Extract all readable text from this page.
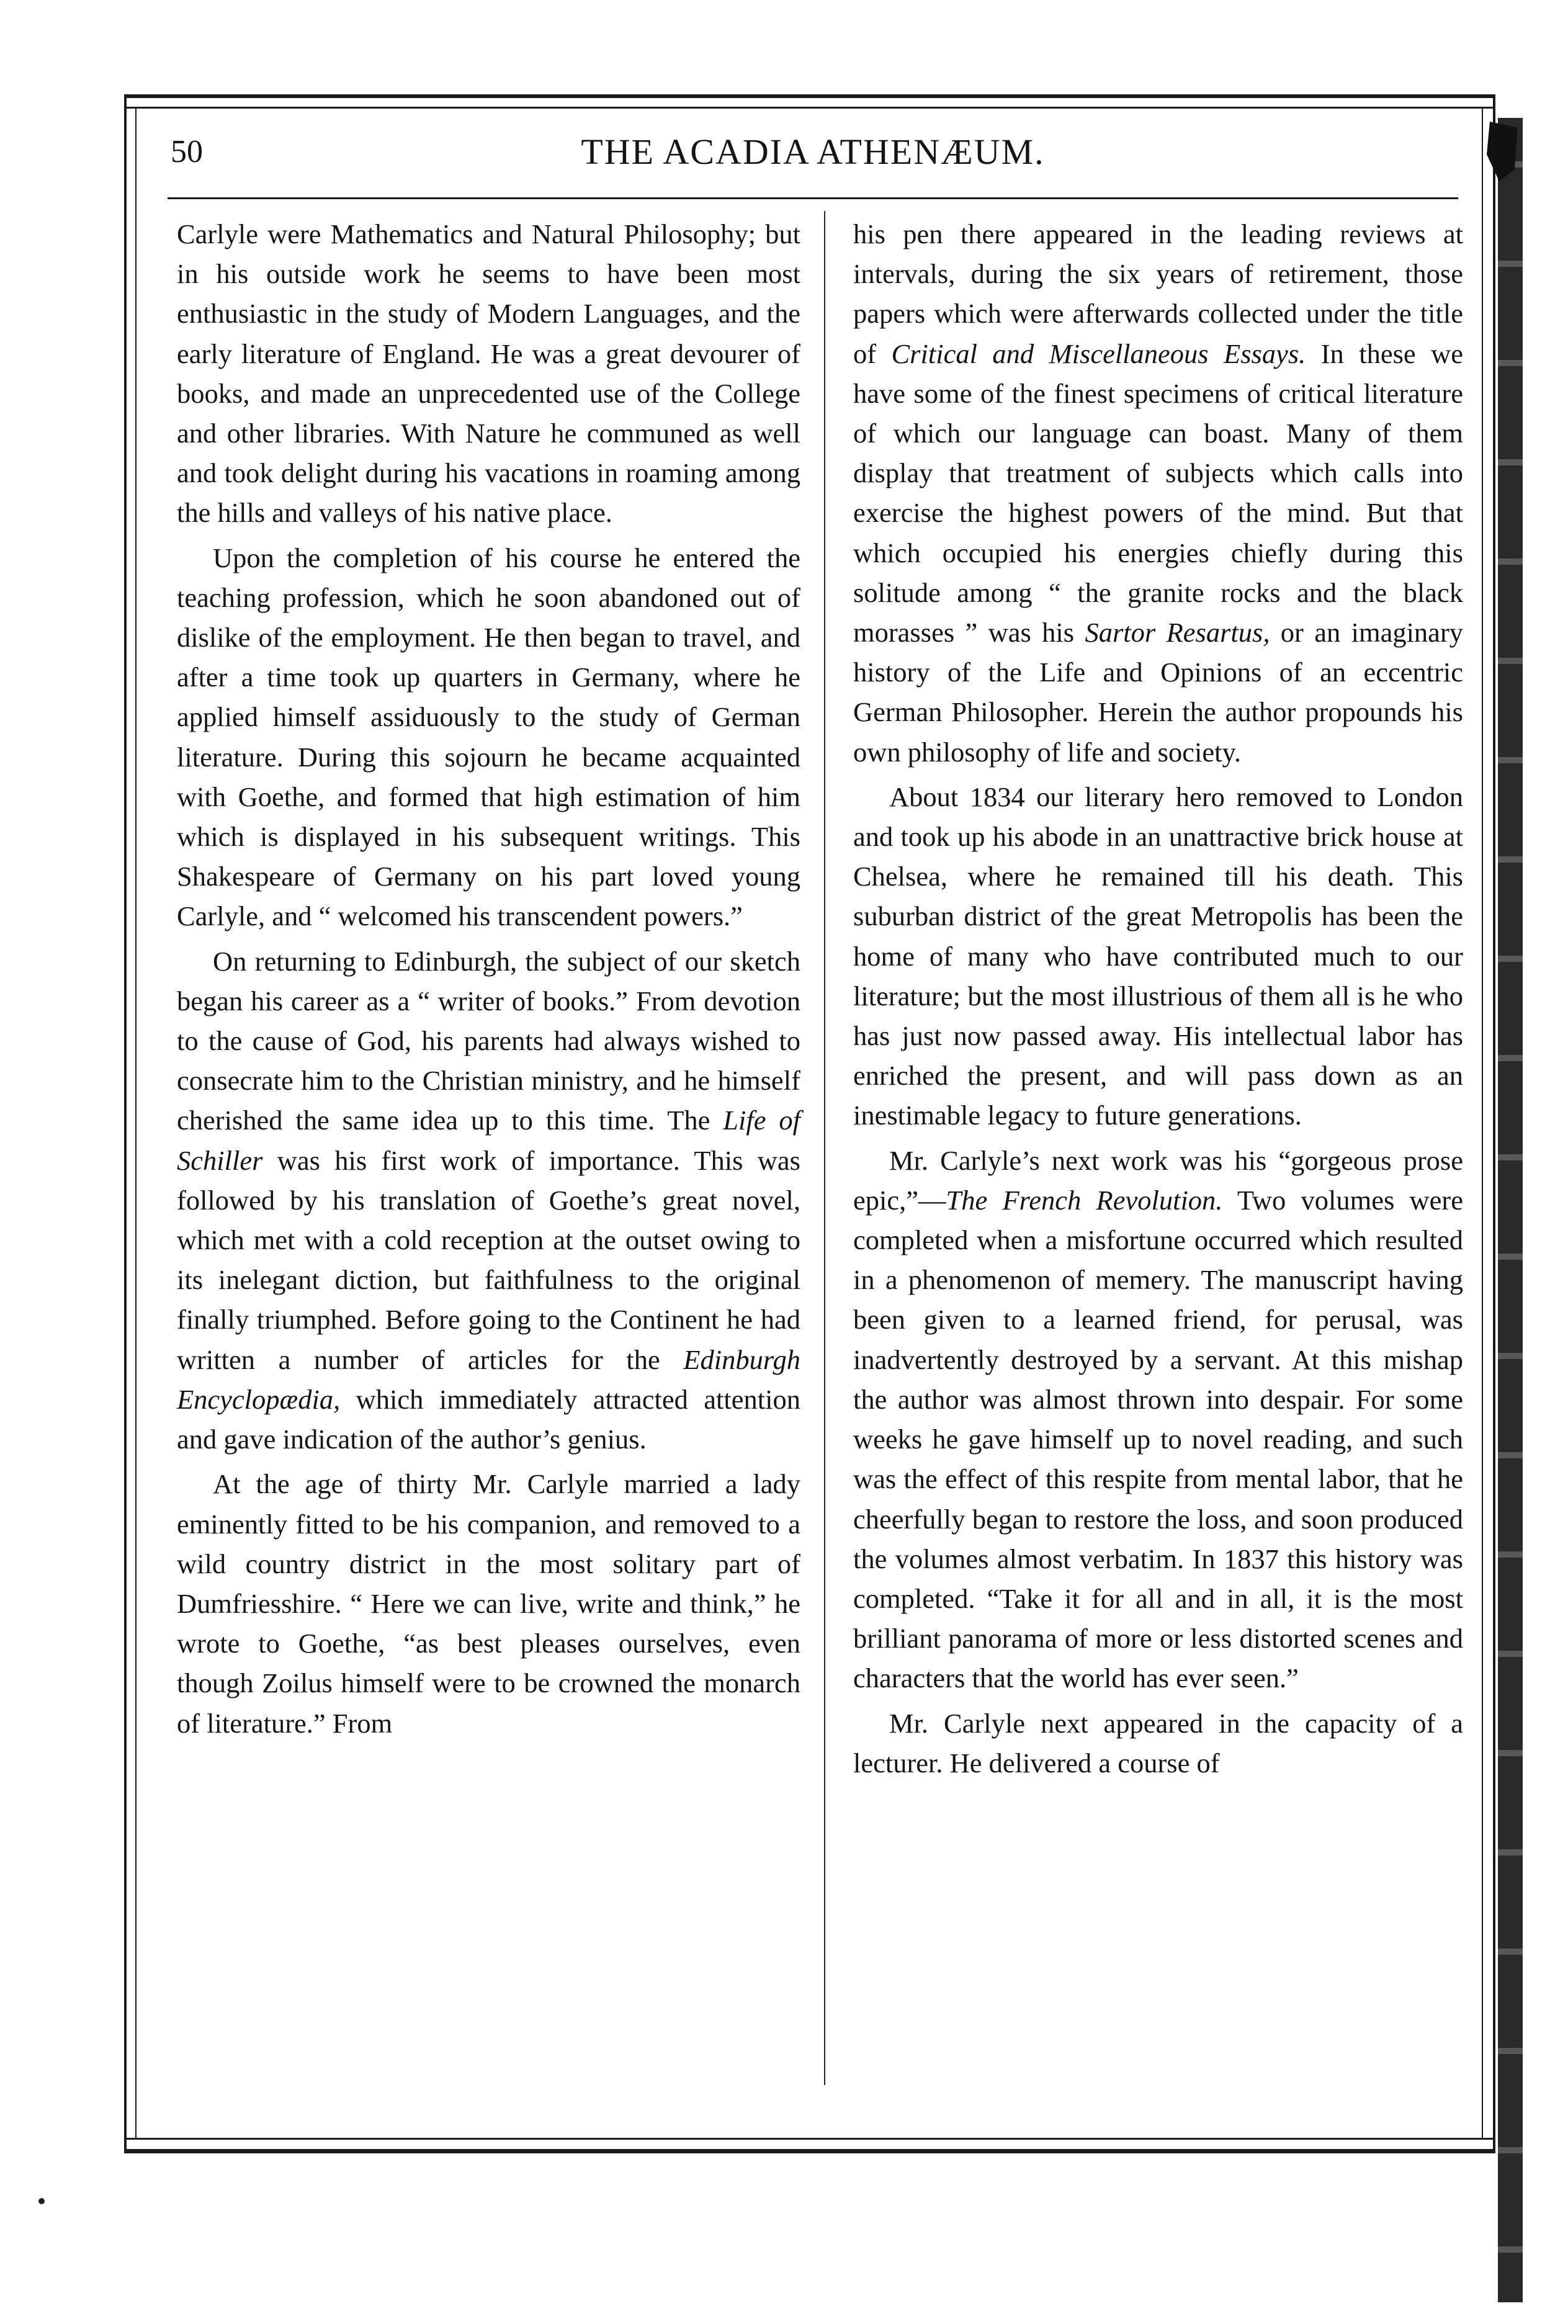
50	THE ACADIA ATHENÆUM.

Carlyle were Mathematics and Natural Philosophy; but in his outside work he seems to have been most enthusiastic in the study of Modern Languages, and the early literature of England. He was a great devourer of books, and made an unprecedented use of the College and other libraries. With Nature he communed as well and took delight during his vacations in roaming among the hills and valleys of his native place.

Upon the completion of his course he entered the teaching profession, which he soon abandoned out of dislike of the employment. He then began to travel, and after a time took up quarters in Germany, where he applied himself assiduously to the study of German literature. During this sojourn he became acquainted with Goethe, and formed that high estimation of him which is displayed in his subsequent writings. This Shakespeare of Germany on his part loved young Carlyle, and “ welcomed his transcendent powers.”

On returning to Edinburgh, the subject of our sketch began his career as a “ writer of books.” From devotion to the cause of God, his parents had always wished to consecrate him to the Christian ministry, and he himself cherished the same idea up to this time. The Life of Schiller was his first work of importance. This was followed by his translation of Goethe’s great novel, which met with a cold reception at the outset owing to its inelegant diction, but faithfulness to the original finally triumphed. Before going to the Continent he had written a number of articles for the Edinburgh Encyclopædia, which immediately attracted attention and gave indication of the author’s genius.

At the age of thirty Mr. Carlyle married a lady eminently fitted to be his companion, and removed to a wild country district in the most solitary part of Dumfriesshire. “ Here we can live, write and think,” he wrote to Goethe, “as best pleases ourselves, even though Zoilus himself were to be crowned the monarch of literature.” From

his pen there appeared in the leading reviews at intervals, during the six years of retirement, those papers which were afterwards collected under the title of Critical and Miscellaneous Essays. In these we have some of the finest specimens of critical literature of which our language can boast. Many of them display that treatment of subjects which calls into exercise the highest powers of the mind. But that which occupied his energies chiefly during this solitude among “ the granite rocks and the black morasses ” was his Sartor Resartus, or an imaginary history of the Life and Opinions of an eccentric German Philosopher. Herein the author propounds his own philosophy of life and society.

About 1834 our literary hero removed to London and took up his abode in an unattractive brick house at Chelsea, where he remained till his death. This suburban district of the great Metropolis has been the home of many who have contributed much to our literature; but the most illustrious of them all is he who has just now passed away. His intellectual labor has enriched the present, and will pass down as an inestimable legacy to future generations.

Mr. Carlyle’s next work was his “gorgeous prose epic,”—The French Revolution. Two volumes were completed when a misfortune occurred which resulted in a phenomenon of memery. The manuscript having been given to a learned friend, for perusal, was inadvertently destroyed by a servant. At this mishap the author was almost thrown into despair. For some weeks he gave himself up to novel reading, and such was the effect of this respite from mental labor, that he cheerfully began to restore the loss, and soon produced the volumes almost verbatim. In 1837 this history was completed. “Take it for all and in all, it is the most brilliant panorama of more or less distorted scenes and characters that the world has ever seen.”

Mr. Carlyle next appeared in the capacity of a lecturer. He delivered a course of
